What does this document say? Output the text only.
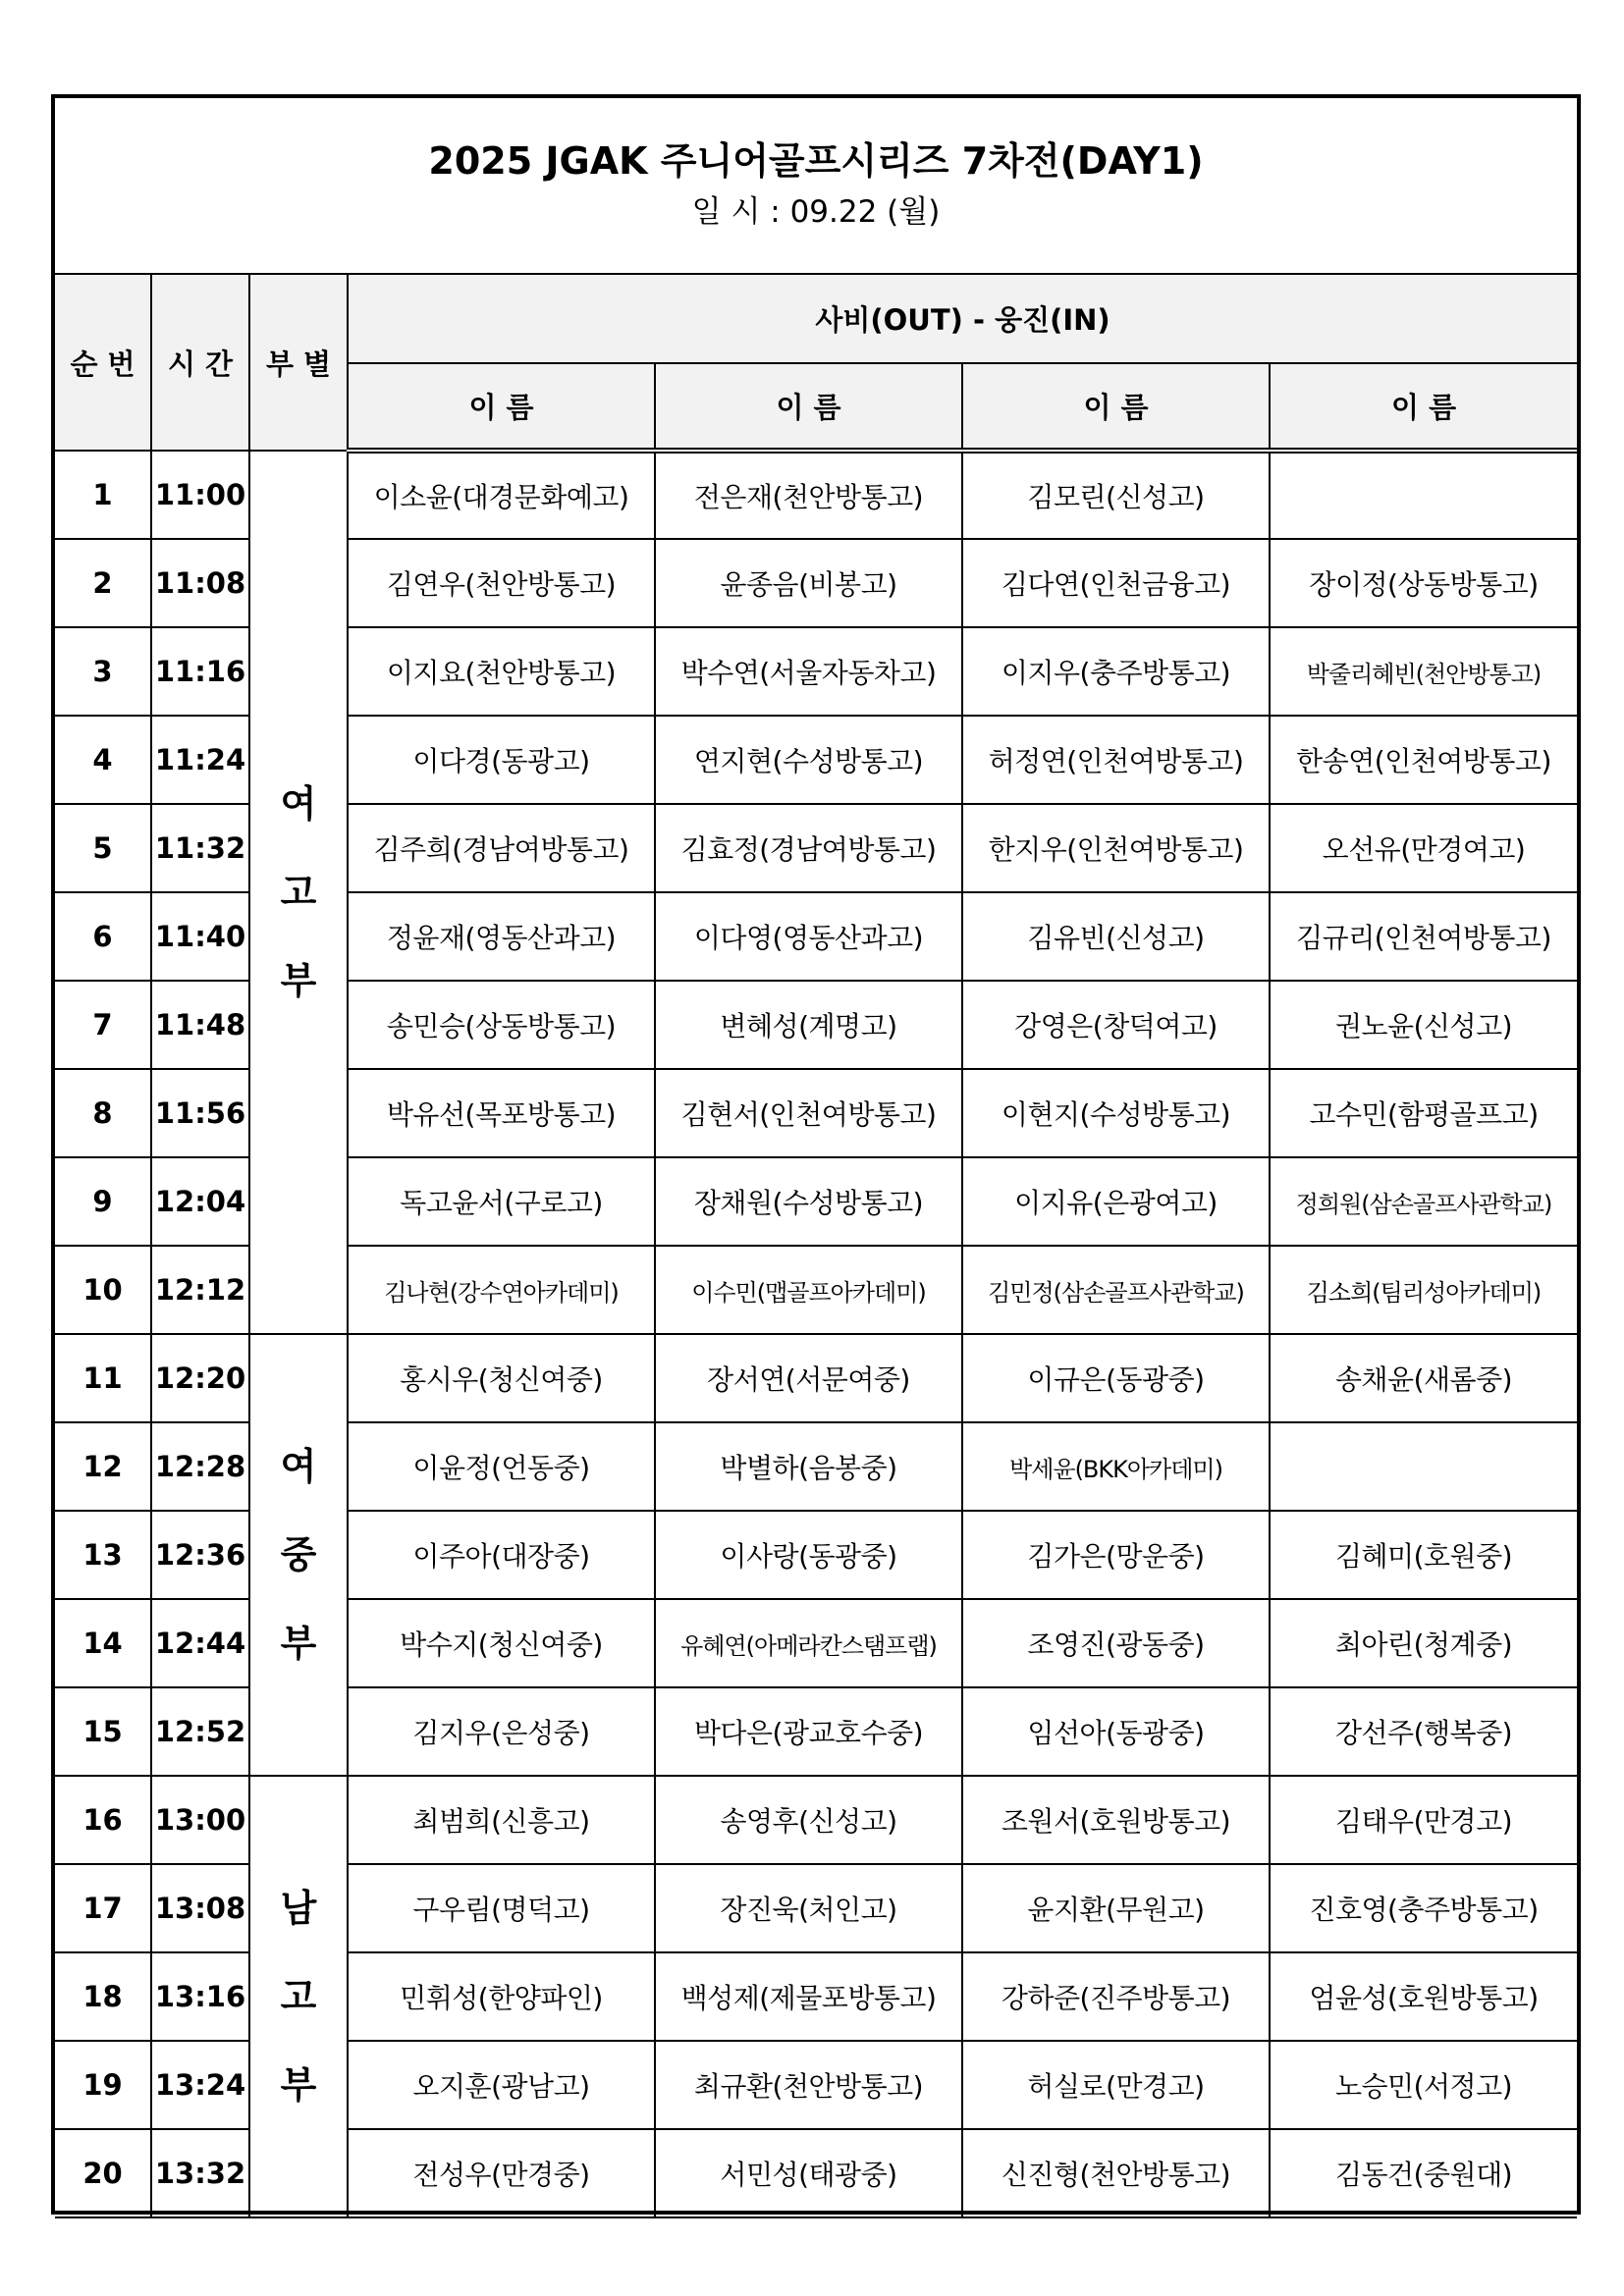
2025 JGAK 주니어골프시리즈 7차전(DAY1)
일 시 : 09.22 (월)
순 번	시 간	부 별	사비(OUT) - 웅진(IN)			
			이 름	이 름	이 름	이 름
1	11:00	여
고
부	이소윤(대경문화예고)	전은재(천안방통고)	김모린(신성고)	
2	11:08		김연우(천안방통고)	윤종음(비봉고)	김다연(인천금융고)	장이정(상동방통고)
3	11:16		이지요(천안방통고)	박수연(서울자동차고)	이지우(충주방통고)	박줄리혜빈(천안방통고)
4	11:24		이다경(동광고)	연지현(수성방통고)	허정연(인천여방통고)	한송연(인천여방통고)
5	11:32		김주희(경남여방통고)	김효정(경남여방통고)	한지우(인천여방통고)	오선유(만경여고)
6	11:40		정윤재(영동산과고)	이다영(영동산과고)	김유빈(신성고)	김규리(인천여방통고)
7	11:48		송민승(상동방통고)	변혜성(계명고)	강영은(창덕여고)	권노윤(신성고)
8	11:56		박유선(목포방통고)	김현서(인천여방통고)	이현지(수성방통고)	고수민(함평골프고)
9	12:04		독고윤서(구로고)	장채원(수성방통고)	이지유(은광여고)	정희원(삼손골프사관학교)
10	12:12		김나현(강수연아카데미)	이수민(맵골프아카데미)	김민정(삼손골프사관학교)	김소희(팀리성아카데미)
11	12:20	여
중
부	홍시우(청신여중)	장서연(서문여중)	이규은(동광중)	송채윤(새롬중)
12	12:28		이윤정(언동중)	박별하(음봉중)	박세윤(BKK아카데미)	
13	12:36		이주아(대장중)	이사랑(동광중)	김가은(망운중)	김혜미(호원중)
14	12:44		박수지(청신여중)	유혜연(아메라칸스탬프랩)	조영진(광동중)	최아린(청계중)
15	12:52		김지우(은성중)	박다은(광교호수중)	임선아(동광중)	강선주(행복중)
16	13:00	남
고
부	최범희(신흥고)	송영후(신성고)	조원서(호원방통고)	김태우(만경고)
17	13:08		구우림(명덕고)	장진욱(처인고)	윤지환(무원고)	진호영(충주방통고)
18	13:16		민휘성(한양파인)	백성제(제물포방통고)	강하준(진주방통고)	엄윤성(호원방통고)
19	13:24		오지훈(광남고)	최규환(천안방통고)	허실로(만경고)	노승민(서정고)
20	13:32		전성우(만경중)	서민성(태광중)	신진형(천안방통고)	김동건(중원대)
